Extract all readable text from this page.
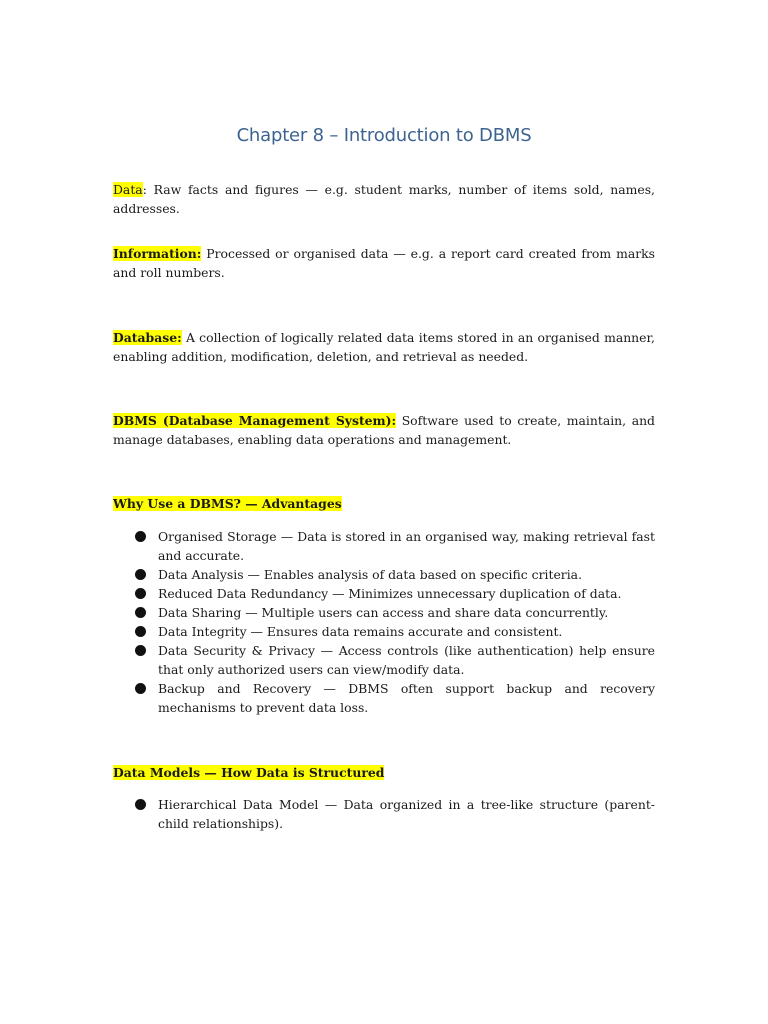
Chapter 8 – Introduction to DBMS

Data: Raw facts and figures — e.g. student marks, number of items sold, names, addresses.

Information: Processed or organised data — e.g. a report card created from marks and roll numbers.

Database: A collection of logically related data items stored in an organised manner, enabling addition, modification, deletion, and retrieval as needed.

DBMS (Database Management System): Software used to create, maintain, and manage databases, enabling data operations and management.

Why Use a DBMS? — Advantages

Organised Storage — Data is stored in an organised way, making retrieval fast and accurate.
Data Analysis — Enables analysis of data based on specific criteria.
Reduced Data Redundancy — Minimizes unnecessary duplication of data.
Data Sharing — Multiple users can access and share data concurrently.
Data Integrity — Ensures data remains accurate and consistent.
Data Security & Privacy — Access controls (like authentication) help ensure that only authorized users can view/modify data.
Backup and Recovery — DBMS often support backup and recovery mechanisms to prevent data loss.

Data Models — How Data is Structured

Hierarchical Data Model — Data organized in a tree-like structure (parent-child relationships).
